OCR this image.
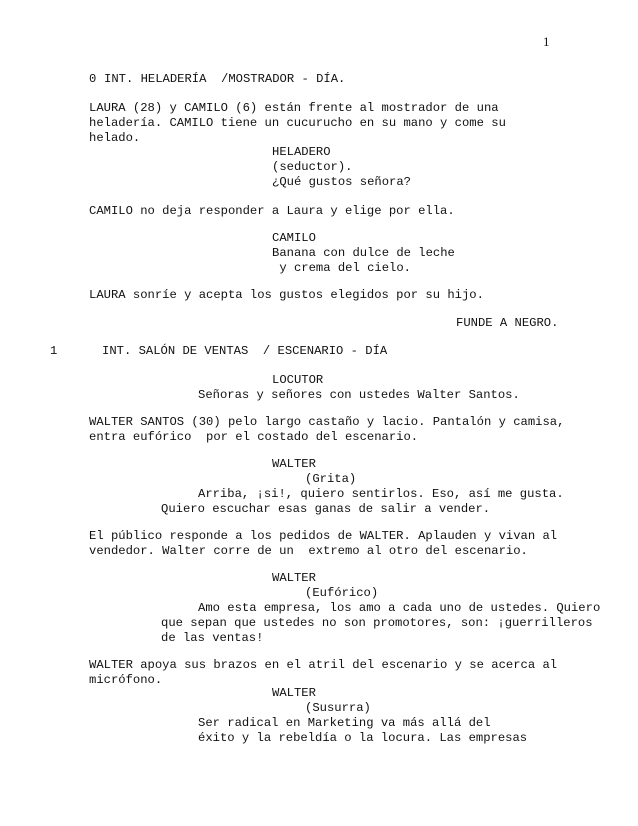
1
0 INT. HELADERÍA  /MOSTRADOR - DÍA.
LAURA (28) y CAMILO (6) están frente al mostrador de una
heladería. CAMILO tiene un cucurucho en su mano y come su
helado.
HELADERO
(seductor).
¿Qué gustos señora?
CAMILO no deja responder a Laura y elige por ella.
CAMILO
Banana con dulce de leche
y crema del cielo.
LAURA sonríe y acepta los gustos elegidos por su hijo.
FUNDE A NEGRO.
1	INT. SALÓN DE VENTAS  / ESCENARIO - DÍA
LOCUTOR
Señoras y señores con ustedes Walter Santos.
WALTER SANTOS (30) pelo largo castaño y lacio. Pantalón y camisa,
entra eufórico  por el costado del escenario.
WALTER
(Grita)
Arriba, ¡si!, quiero sentirlos. Eso, así me gusta.
Quiero escuchar esas ganas de salir a vender.
El público responde a los pedidos de WALTER. Aplauden y vivan al
vendedor. Walter corre de un  extremo al otro del escenario.
WALTER
(Eufórico)
Amo esta empresa, los amo a cada uno de ustedes. Quiero
que sepan que ustedes no son promotores, son: ¡guerrilleros
de las ventas!
WALTER apoya sus brazos en el atril del escenario y se acerca al
micrófono.
WALTER
(Susurra)
Ser radical en Marketing va más allá del
éxito y la rebeldía o la locura. Las empresas
